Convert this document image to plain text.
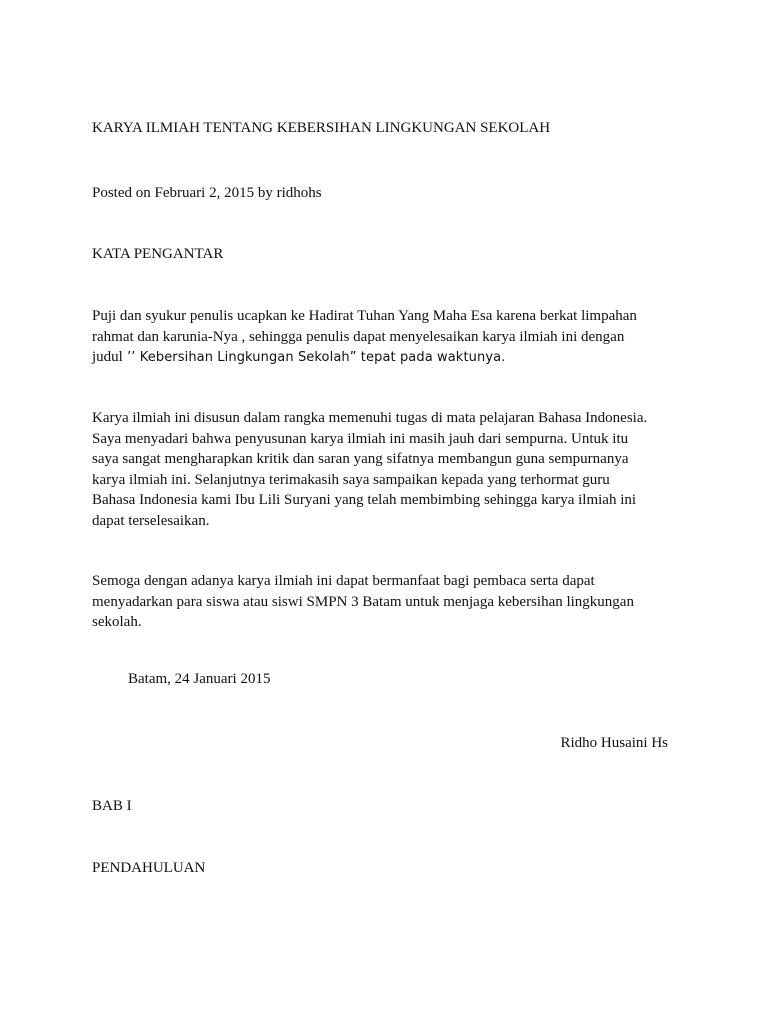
KARYA ILMIAH TENTANG KEBERSIHAN LINGKUNGAN SEKOLAH
Posted on Februari 2, 2015 by ridhohs
KATA PENGANTAR

Puji dan syukur penulis ucapkan ke Hadirat Tuhan Yang Maha Esa karena berkat limpahan

rahmat dan karunia-Nya , sehingga penulis dapat menyelesaikan karya ilmiah ini dengan

judul ’’ Kebersihan Lingkungan Sekolah” tepat pada waktunya.

Karya ilmiah ini disusun dalam rangka memenuhi tugas di mata pelajaran Bahasa Indonesia.

Saya menyadari bahwa penyusunan karya ilmiah ini masih jauh dari sempurna. Untuk itu

saya sangat mengharapkan kritik dan saran yang sifatnya membangun guna sempurnanya

karya ilmiah ini. Selanjutnya terimakasih saya sampaikan kepada yang terhormat guru

Bahasa Indonesia kami Ibu Lili Suryani yang telah membimbing sehingga karya ilmiah ini

dapat terselesaikan.

Semoga dengan adanya karya ilmiah ini dapat bermanfaat bagi pembaca serta dapat

menyadarkan para siswa atau siswi SMPN 3 Batam untuk menjaga kebersihan lingkungan

sekolah.

Batam, 24 Januari 2015
Ridho Husaini Hs
BAB I
PENDAHULUAN
